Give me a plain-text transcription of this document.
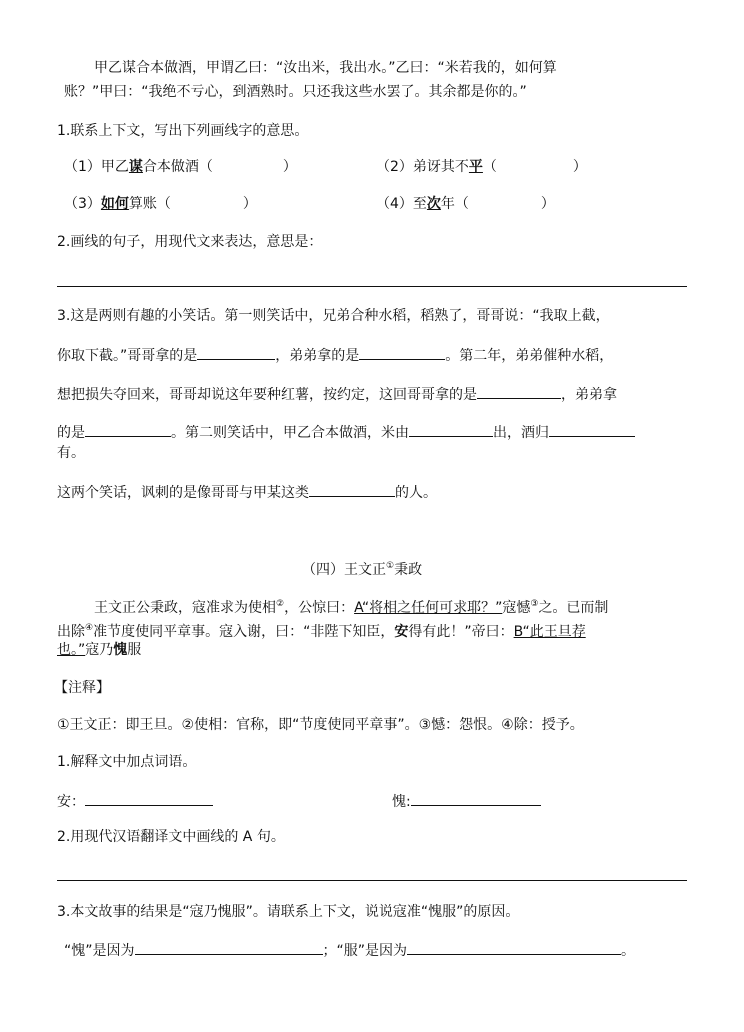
甲乙谋合本做酒，甲谓乙曰：“汝出米，我出水。”乙曰：“米若我的，如何算
账？”甲曰：“我绝不亏心，到酒熟时。只还我这些水罢了。其余都是你的。”
1.联系上下文，写出下列画线字的意思。
（1）甲乙谋合本做酒（	）	（2）弟讶其不平（	）
（3）如何算账（	）	（4）至次年（	）
2.画线的句子，用现代文来表达，意思是：
3.这是两则有趣的小笑话。第一则笑话中，兄弟合种水稻，稻熟了，哥哥说：“我取上截，
你取下截。”哥哥拿的是	，弟弟拿的是	。第二年，弟弟催种水稻，
想把损失夺回来，哥哥却说这年要种红薯，按约定，这回哥哥拿的是	，弟弟拿
的是	。第二则笑话中，甲乙合本做酒，米由	出，酒归
有。
这两个笑话，讽刺的是像哥哥与甲某这类	的人。
（四）王文正①秉政
王文正公秉政，寇准求为使相②，公惊曰：A“将相之任何可求耶？”寇憾③之。已而制
出除④准节度使同平章事。寇入谢，曰：“非陛下知臣，安得有此！”帝曰：B“此王旦荐
也。”寇乃愧服
【注释】
①王文正：即王旦。②使相：官称，即“节度使同平章事”。③憾：怨恨。④除：授予。
1.解释文中加点词语。
安：	愧:
2.用现代汉语翻译文中画线的 A 句。
3.本文故事的结果是“寇乃愧服”。请联系上下文，说说寇准“愧服”的原因。
“愧”是因为	；“服”是因为	。
